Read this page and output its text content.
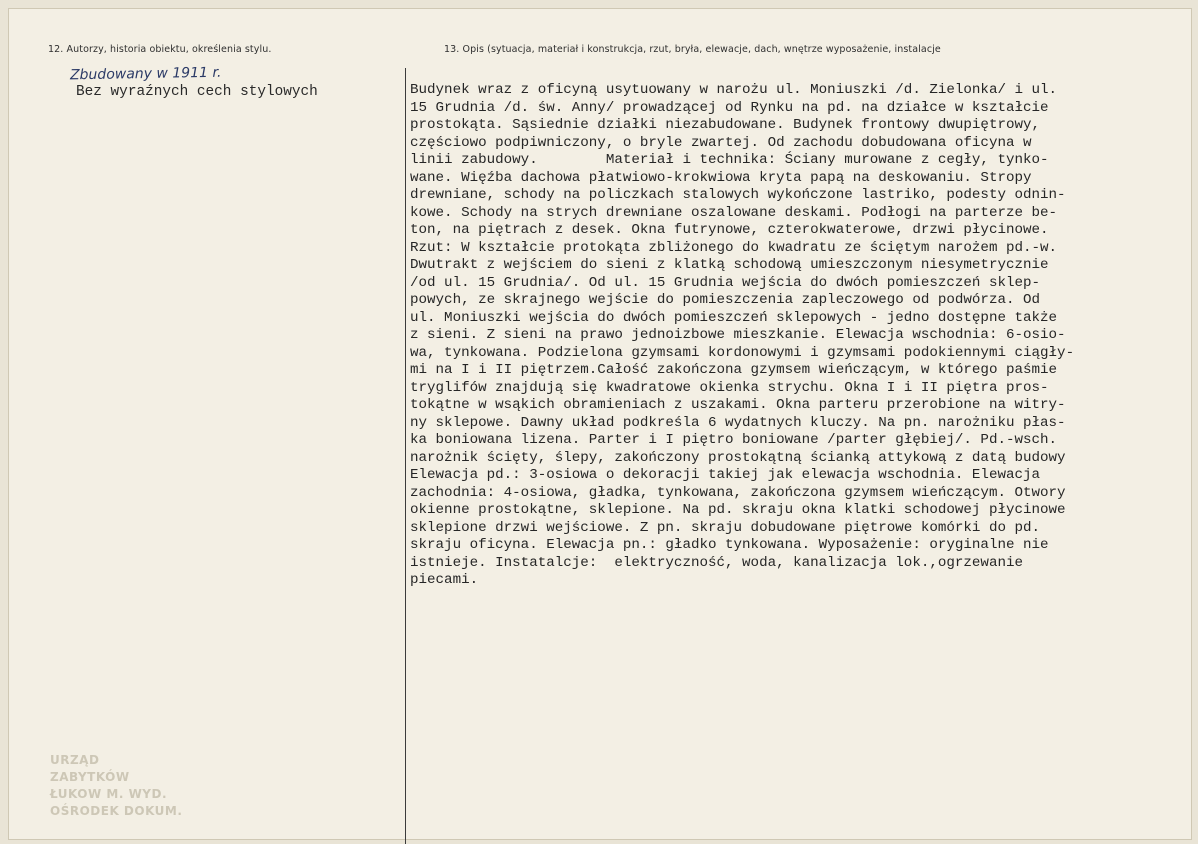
12. Autorzy, historia obiektu, określenia stylu.	13. Opis (sytuacja, materiał i konstrukcja, rzut, bryła, elewacje, dach, wnętrze wyposażenie, instalacje
Zbudowany w 1911 r.
Bez wyraźnych cech stylowych
URZĄD
ZABYTKÓW
ŁUKOW M. WYD.
OŚRODEK DOKUM.
Budynek wraz z oficyną usytuowany w narożu ul. Moniuszki /d. Zielonka/ i ul.
15 Grudnia /d. św. Anny/ prowadzącej od Rynku na pd. na działce w kształcie
prostokąta. Sąsiednie działki niezabudowane. Budynek frontowy dwupiętrowy,
częściowo podpiwniczony, o bryle zwartej. Od zachodu dobudowana oficyna w
linii zabudowy.        Materiał i technika: Ściany murowane z cegły, tynko-
wane. Więźba dachowa płatwiowo-krokwiowa kryta papą na deskowaniu. Stropy
drewniane, schody na policzkach stalowych wykończone lastriko, podesty odnin-
kowe. Schody na strych drewniane oszalowane deskami. Podłogi na parterze be-
ton, na piętrach z desek. Okna futrynowe, czterokwaterowe, drzwi płycinowe.
Rzut: W kształcie protokąta zbliżonego do kwadratu ze ściętym narożem pd.-w.
Dwutrakt z wejściem do sieni z klatką schodową umieszczonym niesymetrycznie
/od ul. 15 Grudnia/. Od ul. 15 Grudnia wejścia do dwóch pomieszczeń sklep-
powych, ze skrajnego wejście do pomieszczenia zapleczowego od podwórza. Od
ul. Moniuszki wejścia do dwóch pomieszczeń sklepowych - jedno dostępne także
z sieni. Z sieni na prawo jednoizbowe mieszkanie. Elewacja wschodnia: 6-osio-
wa, tynkowana. Podzielona gzymsami kordonowymi i gzymsami podokiennymi ciągły-
mi na I i II piętrzem.Całość zakończona gzymsem wieńczącym, w którego paśmie
tryglifów znajdują się kwadratowe okienka strychu. Okna I i II piętra pros-
tokątne w wsąkich obramieniach z uszakami. Okna parteru przerobione na witry-
ny sklepowe. Dawny układ podkreśla 6 wydatnych kluczy. Na pn. narożniku płas-
ka boniowana lizena. Parter i I piętro boniowane /parter głębiej/. Pd.-wsch.
narożnik ścięty, ślepy, zakończony prostokątną ścianką attykową z datą budowy
Elewacja pd.: 3-osiowa o dekoracji takiej jak elewacja wschodnia. Elewacja
zachodnia: 4-osiowa, gładka, tynkowana, zakończona gzymsem wieńczącym. Otwory
okienne prostokątne, sklepione. Na pd. skraju okna klatki schodowej płycinowe
sklepione drzwi wejściowe. Z pn. skraju dobudowane piętrowe komórki do pd.
skraju oficyna. Elewacja pn.: gładko tynkowana. Wyposażenie: oryginalne nie
istnieje. Instatalcje:  elektryczność, woda, kanalizacja lok.,ogrzewanie
piecami.
